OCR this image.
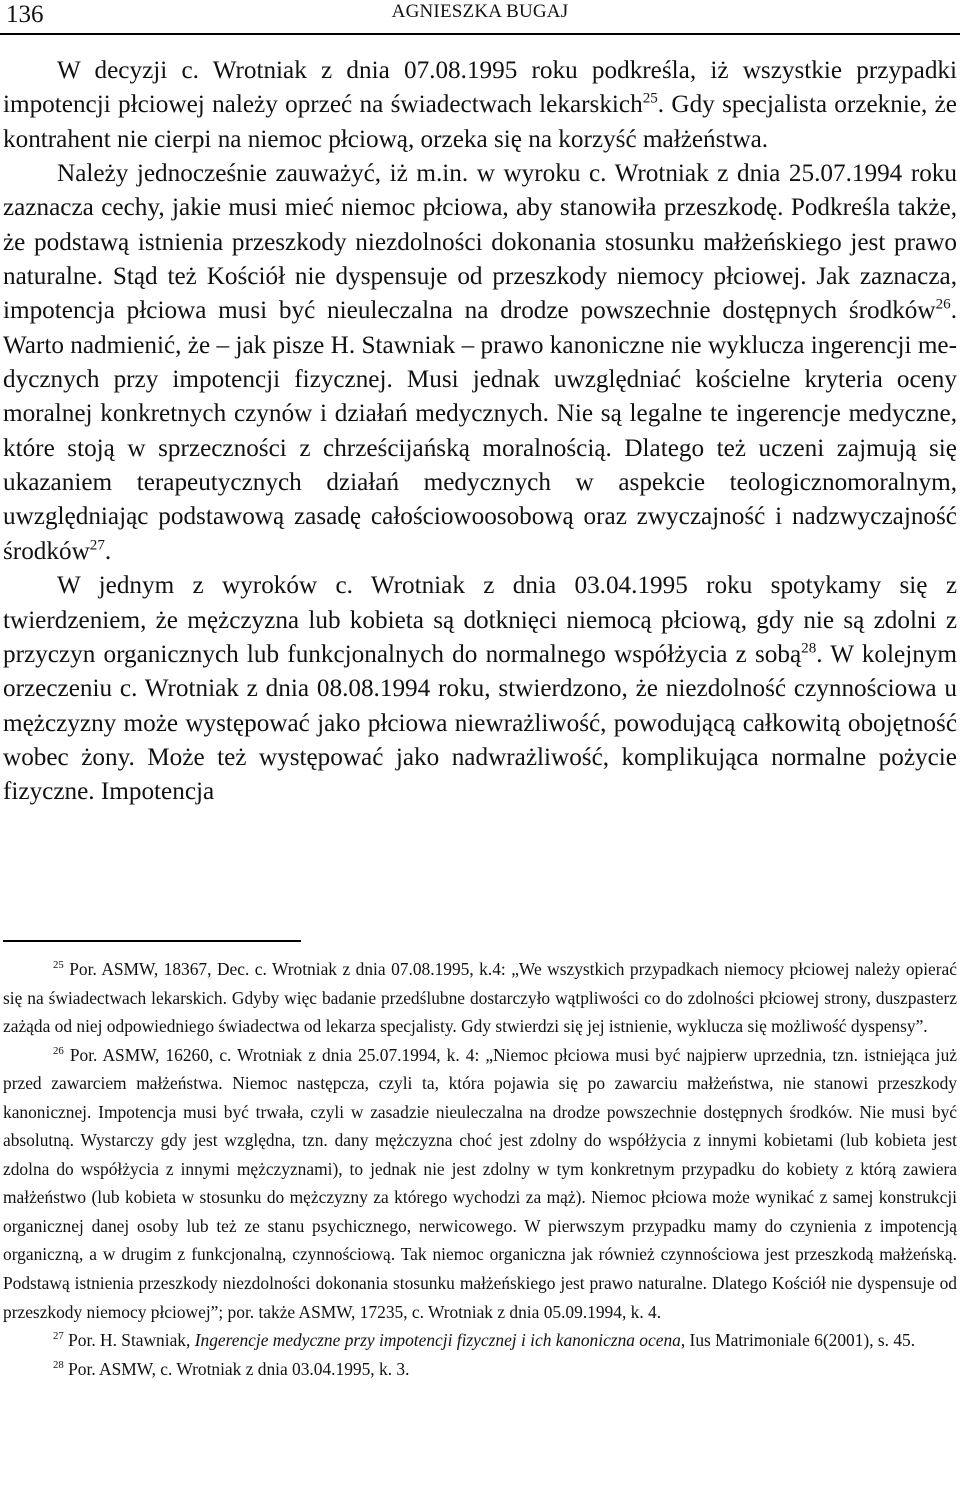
136	AGNIESZKA BUGAJ

W decyzji c. Wrotniak z dnia 07.08.1995 roku podkreśla, iż wszystkie przypadki impotencji płciowej należy oprzeć na świadectwach lekarskich$^{25}$. Gdy specjalista orzeknie, że kontrahent nie cierpi na niemoc płciową, orzeka się na korzyść małżeństwa.

Należy jednocześnie zauważyć, iż m.in. w wyroku c. Wrotniak z dnia 25.07.1994 roku zaznacza cechy, jakie musi mieć niemoc płciowa, aby stanowiła przeszkodę. Podkreśla także, że podstawą istnienia przeszkody niezdolności dokonania stosunku małżeńskiego jest prawo naturalne. Stąd też Kościół nie dyspensuje od przeszkody niemocy płciowej. Jak zaznacza, impotencja płciowa musi być nieuleczalna na drodze powszechnie dostępnych środków$^{26}$. Warto nadmienić, że – jak pisze H. Stawniak – prawo kanoniczne nie wyklucza ingerencji medycznych przy impotencji fizycznej. Musi jednak uwzględniać kościelne kryteria oceny moralnej konkretnych czynów i działań medycznych. Nie są legalne te ingerencje medyczne, które stoją w sprzeczności z chrześcijańską moralnością. Dlatego też uczeni zajmują się ukazaniem terapeutycznych działań medycznych w aspekcie teologicznomoralnym, uwzględniając podstawową zasadę całościowoosobową oraz zwyczajność i nadzwyczajność środków$^{27}$.

W jednym z wyroków c. Wrotniak z dnia 03.04.1995 roku spotykamy się z twierdzeniem, że mężczyzna lub kobieta są dotknięci niemocą płciową, gdy nie są zdolni z przyczyn organicznych lub funkcjonalnych do normalnego współżycia z sobą$^{28}$. W kolejnym orzeczeniu c. Wrotniak z dnia 08.08.1994 roku, stwierdzono, że niezdolność czynnościowa u mężczyzny może występować jako płciowa niewrażliwość, powodującą całkowitą obojętność wobec żony. Może też występować jako nadwrażliwość, komplikująca normalne pożycie fizyczne. Impotencja

$^{25}$ Por. ASMW, 18367, Dec. c. Wrotniak z dnia 07.08.1995, k.4: „We wszystkich przypadkach niemocy płciowej należy opierać się na świadectwach lekarskich. Gdyby więc badanie przedślubne dostarczyło wątpliwości co do zdolności płciowej strony, duszpasterz zażąda od niej odpowiedniego świadectwa od lekarza specjalisty. Gdy stwierdzi się jej istnienie, wyklucza się możliwość dyspensy”.

$^{26}$ Por. ASMW, 16260, c. Wrotniak z dnia 25.07.1994, k. 4: „Niemoc płciowa musi być najpierw uprzednia, tzn. istniejąca już przed zawarciem małżeństwa. Niemoc następcza, czyli ta, która pojawia się po zawarciu małżeństwa, nie stanowi przeszkody kanonicznej. Impotencja musi być trwała, czyli w zasadzie nieuleczalna na drodze powszechnie dostępnych środków. Nie musi być absolutną. Wystarczy gdy jest względna, tzn. dany mężczyzna choć jest zdolny do współżycia z innymi kobietami (lub kobieta jest zdolna do współżycia z innymi mężczyznami), to jednak nie jest zdolny w tym konkretnym przypadku do kobiety z którą zawiera małżeństwo (lub kobieta w stosunku do mężczyzny za którego wychodzi za mąż). Niemoc płciowa może wynikać z samej konstrukcji organicznej danej osoby lub też ze stanu psychicznego, nerwicowego. W pierwszym przypadku mamy do czynienia z impotencją organiczną, a w drugim z funkcjonalną, czynnościową. Tak niemoc organiczna jak również czynnościowa jest przeszkodą małżeńską. Podstawą istnienia przeszkody niezdolności dokonania stosunku małżeńskiego jest prawo naturalne. Dlatego Kościół nie dyspensuje od przeszkody niemocy płciowej”; por. także ASMW, 17235, c. Wrotniak z dnia 05.09.1994, k. 4.

$^{27}$ Por. H. Stawniak, Ingerencje medyczne przy impotencji fizycznej i ich kanoniczna ocena, Ius Matrimoniale 6(2001), s. 45.

$^{28}$ Por. ASMW, c. Wrotniak z dnia 03.04.1995, k. 3.
